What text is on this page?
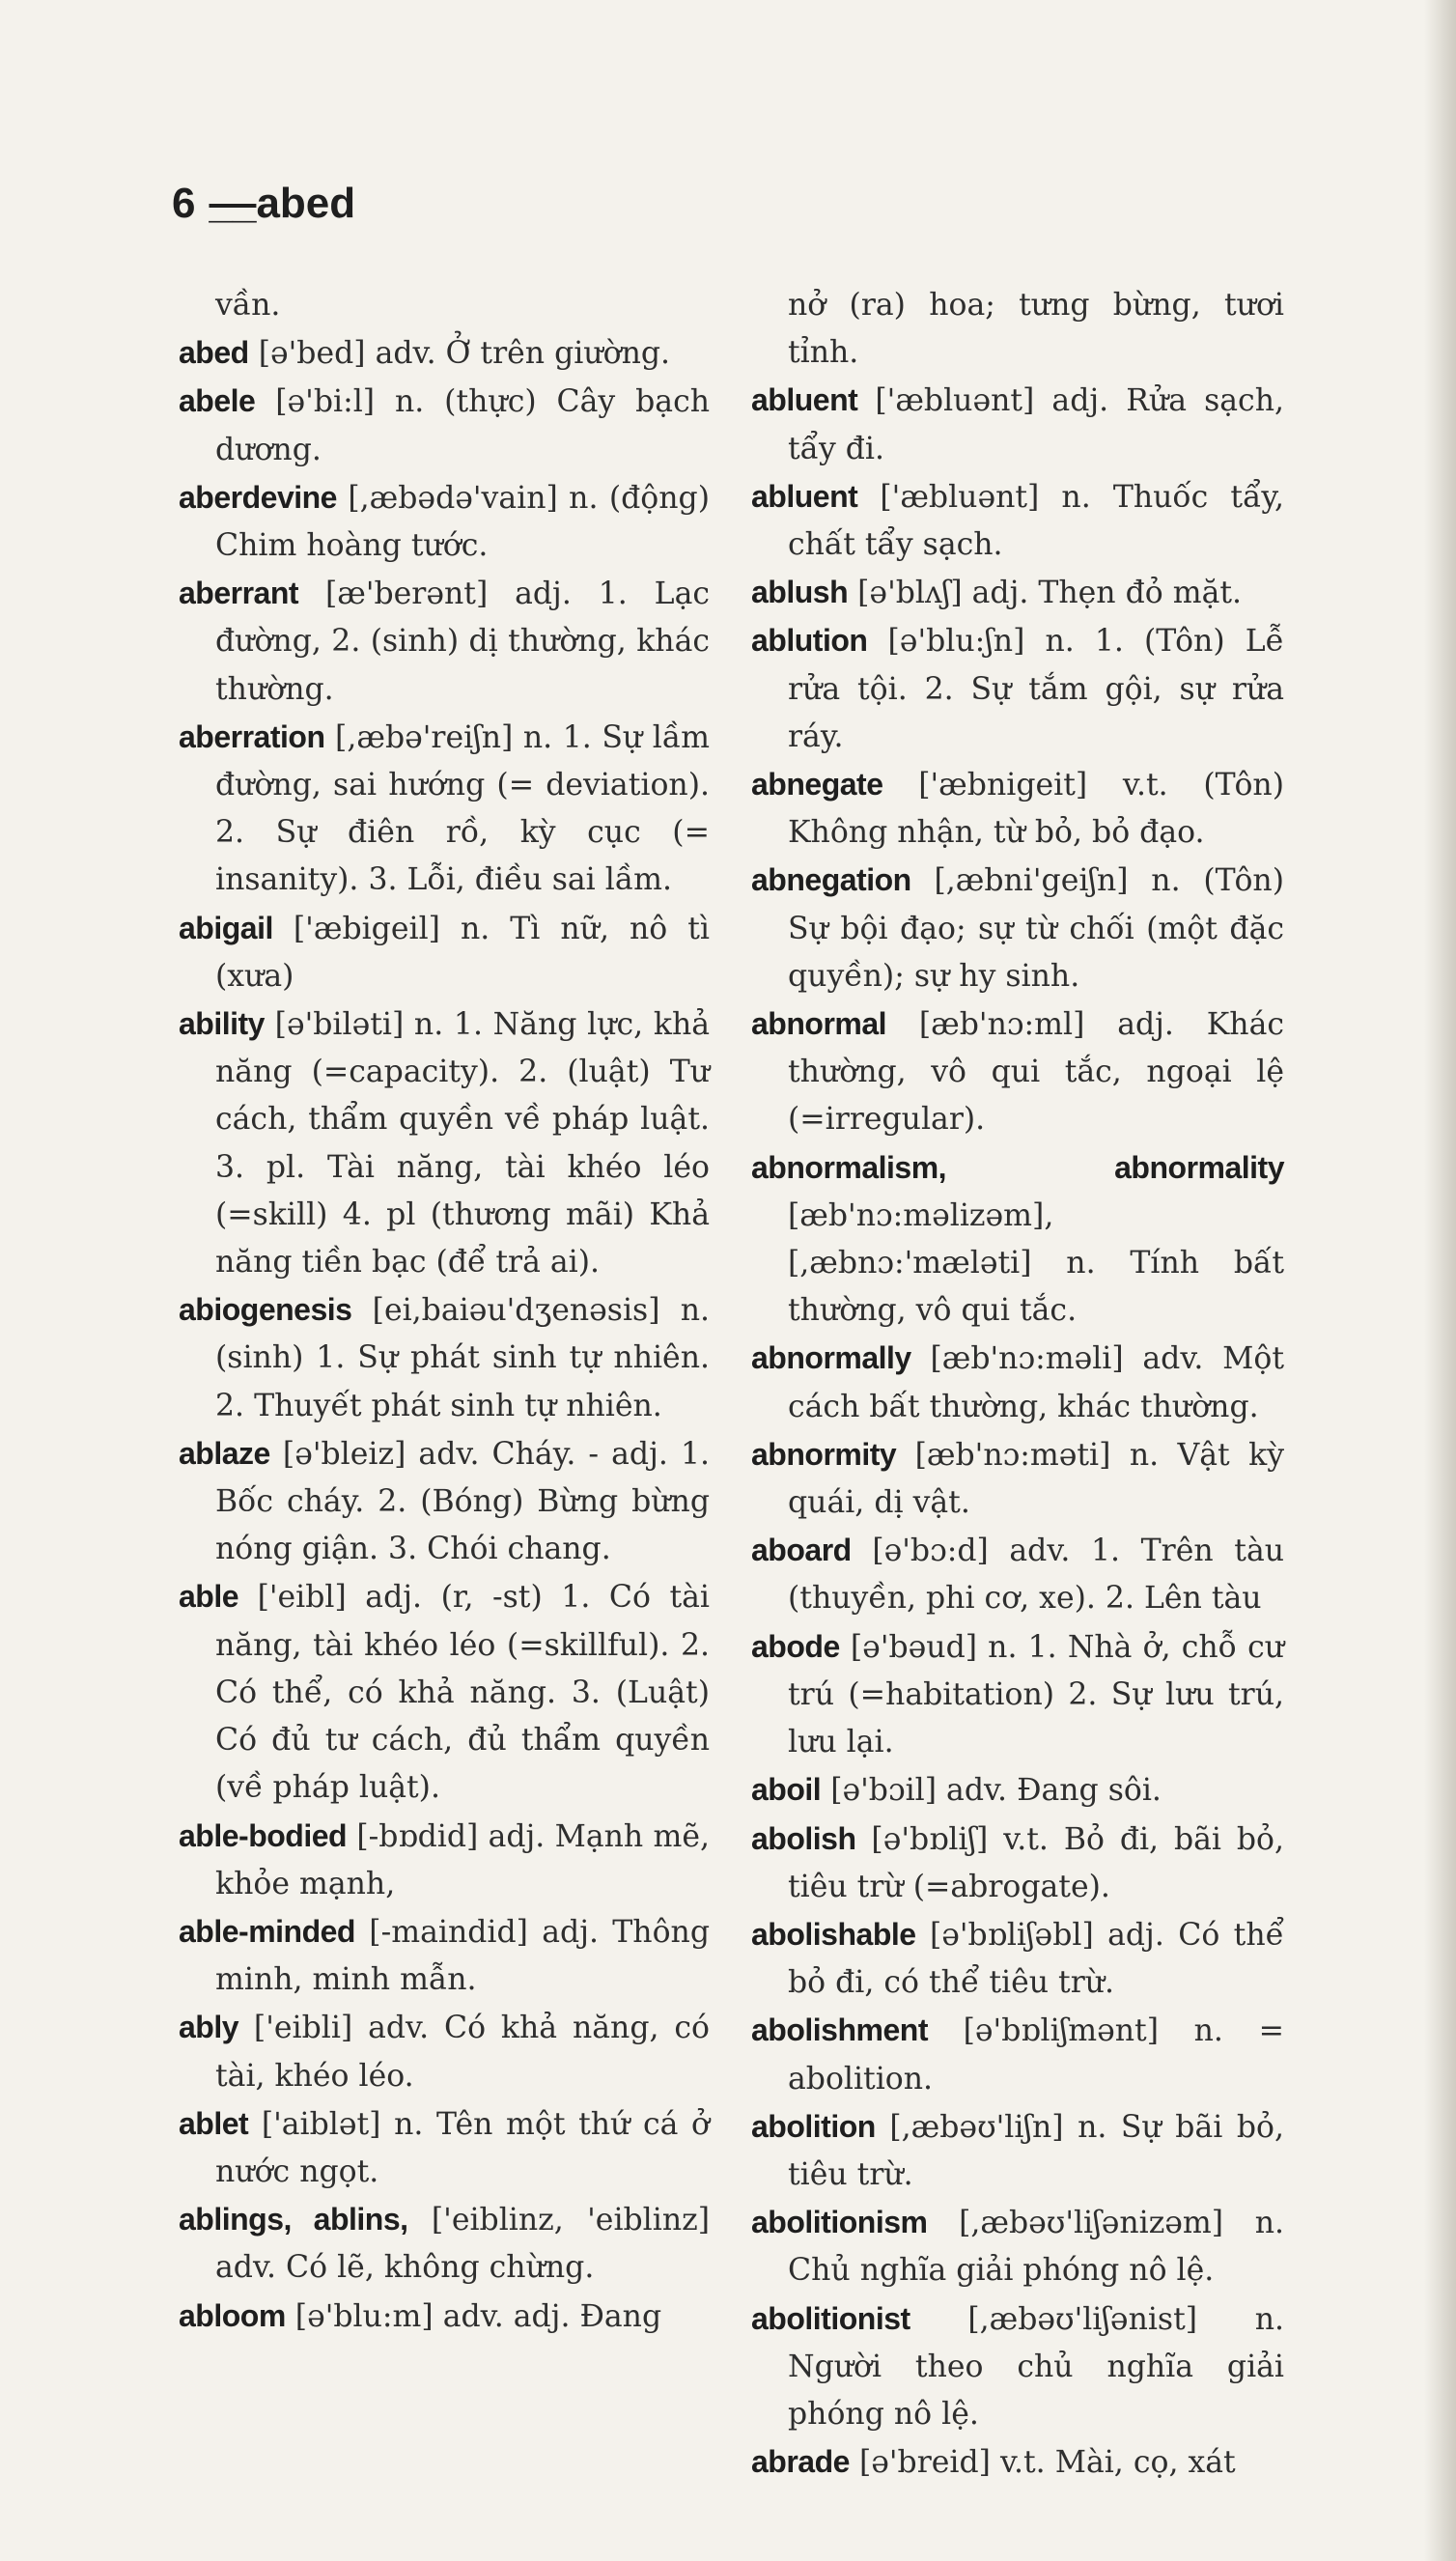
6
__	abed
vần.
abed [ə'bed] adv. Ở trên giường.
abele [ə'bi:l] n. (thực) Cây bạch dương.
aberdevine [,æbədə'vain] n. (động) Chim hoàng tước.
aberrant [æ'berənt] adj. 1. Lạc đường, 2. (sinh) dị thường, khác thường.
aberration [,æbə'reiʃn] n. 1. Sự lầm đường, sai hướng (= deviation). 2. Sự điên rồ, kỳ cục (= insanity). 3. Lỗi, điều sai lầm.
abigail ['æbigeil] n. Tì nữ, nô tì (xưa)
ability [ə'biləti] n. 1. Năng lực, khả năng (=capacity). 2. (luật) Tư cách, thẩm quyền về pháp luật. 3. pl. Tài năng, tài khéo léo (=skill) 4. pl (thương mãi) Khả năng tiền bạc (để trả ai).
abiogenesis [ei,baiəu'dʒenəsis] n. (sinh) 1. Sự phát sinh tự nhiên. 2. Thuyết phát sinh tự nhiên.
ablaze [ə'bleiz] adv. Cháy. - adj. 1. Bốc cháy. 2. (Bóng) Bừng bừng nóng giận. 3. Chói chang.
able ['eibl] adj. (r, -st) 1. Có tài năng, tài khéo léo (=skillful). 2. Có thể, có khả năng. 3. (Luật) Có đủ tư cách, đủ thẩm quyền (về pháp luật).
able-bodied [-bɒdid] adj. Mạnh mẽ, khỏe mạnh,
able-minded [-maindid] adj. Thông minh, minh mẫn.
ably ['eibli] adv. Có khả năng, có tài, khéo léo.
ablet ['aiblət] n. Tên một thứ cá ở nước ngọt.
ablings, ablins, ['eiblinz, 'eiblinz] adv. Có lẽ, không chừng.
abloom [ə'blu:m] adv. adj. Đang
nở (ra) hoa; tưng bừng, tươi tỉnh.
abluent ['æbluənt] adj. Rửa sạch, tẩy đi.
abluent ['æbluənt] n. Thuốc tẩy, chất tẩy sạch.
ablush [ə'blʌʃ] adj. Thẹn đỏ mặt.
ablution [ə'blu:ʃn] n. 1. (Tôn) Lễ rửa tội. 2. Sự tắm gội, sự rửa ráy.
abnegate ['æbnigeit] v.t. (Tôn) Không nhận, từ bỏ, bỏ đạo.
abnegation [,æbni'geiʃn] n. (Tôn) Sự bội đạo; sự từ chối (một đặc quyền); sự hy sinh.
abnormal [æb'nɔ:ml] adj. Khác thường, vô qui tắc, ngoại lệ (=irregular).
abnormalism, abnormality [æb'nɔ:məlizəm], [,æbnɔ:'mæləti] n. Tính bất thường, vô qui tắc.
abnormally [æb'nɔ:məli] adv. Một cách bất thường, khác thường.
abnormity [æb'nɔ:məti] n. Vật kỳ quái, dị vật.
aboard [ə'bɔ:d] adv. 1. Trên tàu (thuyền, phi cơ, xe). 2. Lên tàu
abode [ə'bəud] n. 1. Nhà ở, chỗ cư trú (=habitation) 2. Sự lưu trú, lưu lại.
aboil [ə'bɔil] adv. Đang sôi.
abolish [ə'bɒliʃ] v.t. Bỏ đi, bãi bỏ, tiêu trừ (=abrogate).
abolishable [ə'bɒliʃəbl] adj. Có thể bỏ đi, có thể tiêu trừ.
abolishment [ə'bɒliʃmənt] n. = abolition.
abolition [,æbəʊ'liʃn] n. Sự bãi bỏ, tiêu trừ.
abolitionism [,æbəʊ'liʃənizəm] n. Chủ nghĩa giải phóng nô lệ.
abolitionist [,æbəʊ'liʃənist] n. Người theo chủ nghĩa giải phóng nô lệ.
abrade [ə'breid] v.t. Mài, cọ, xát
